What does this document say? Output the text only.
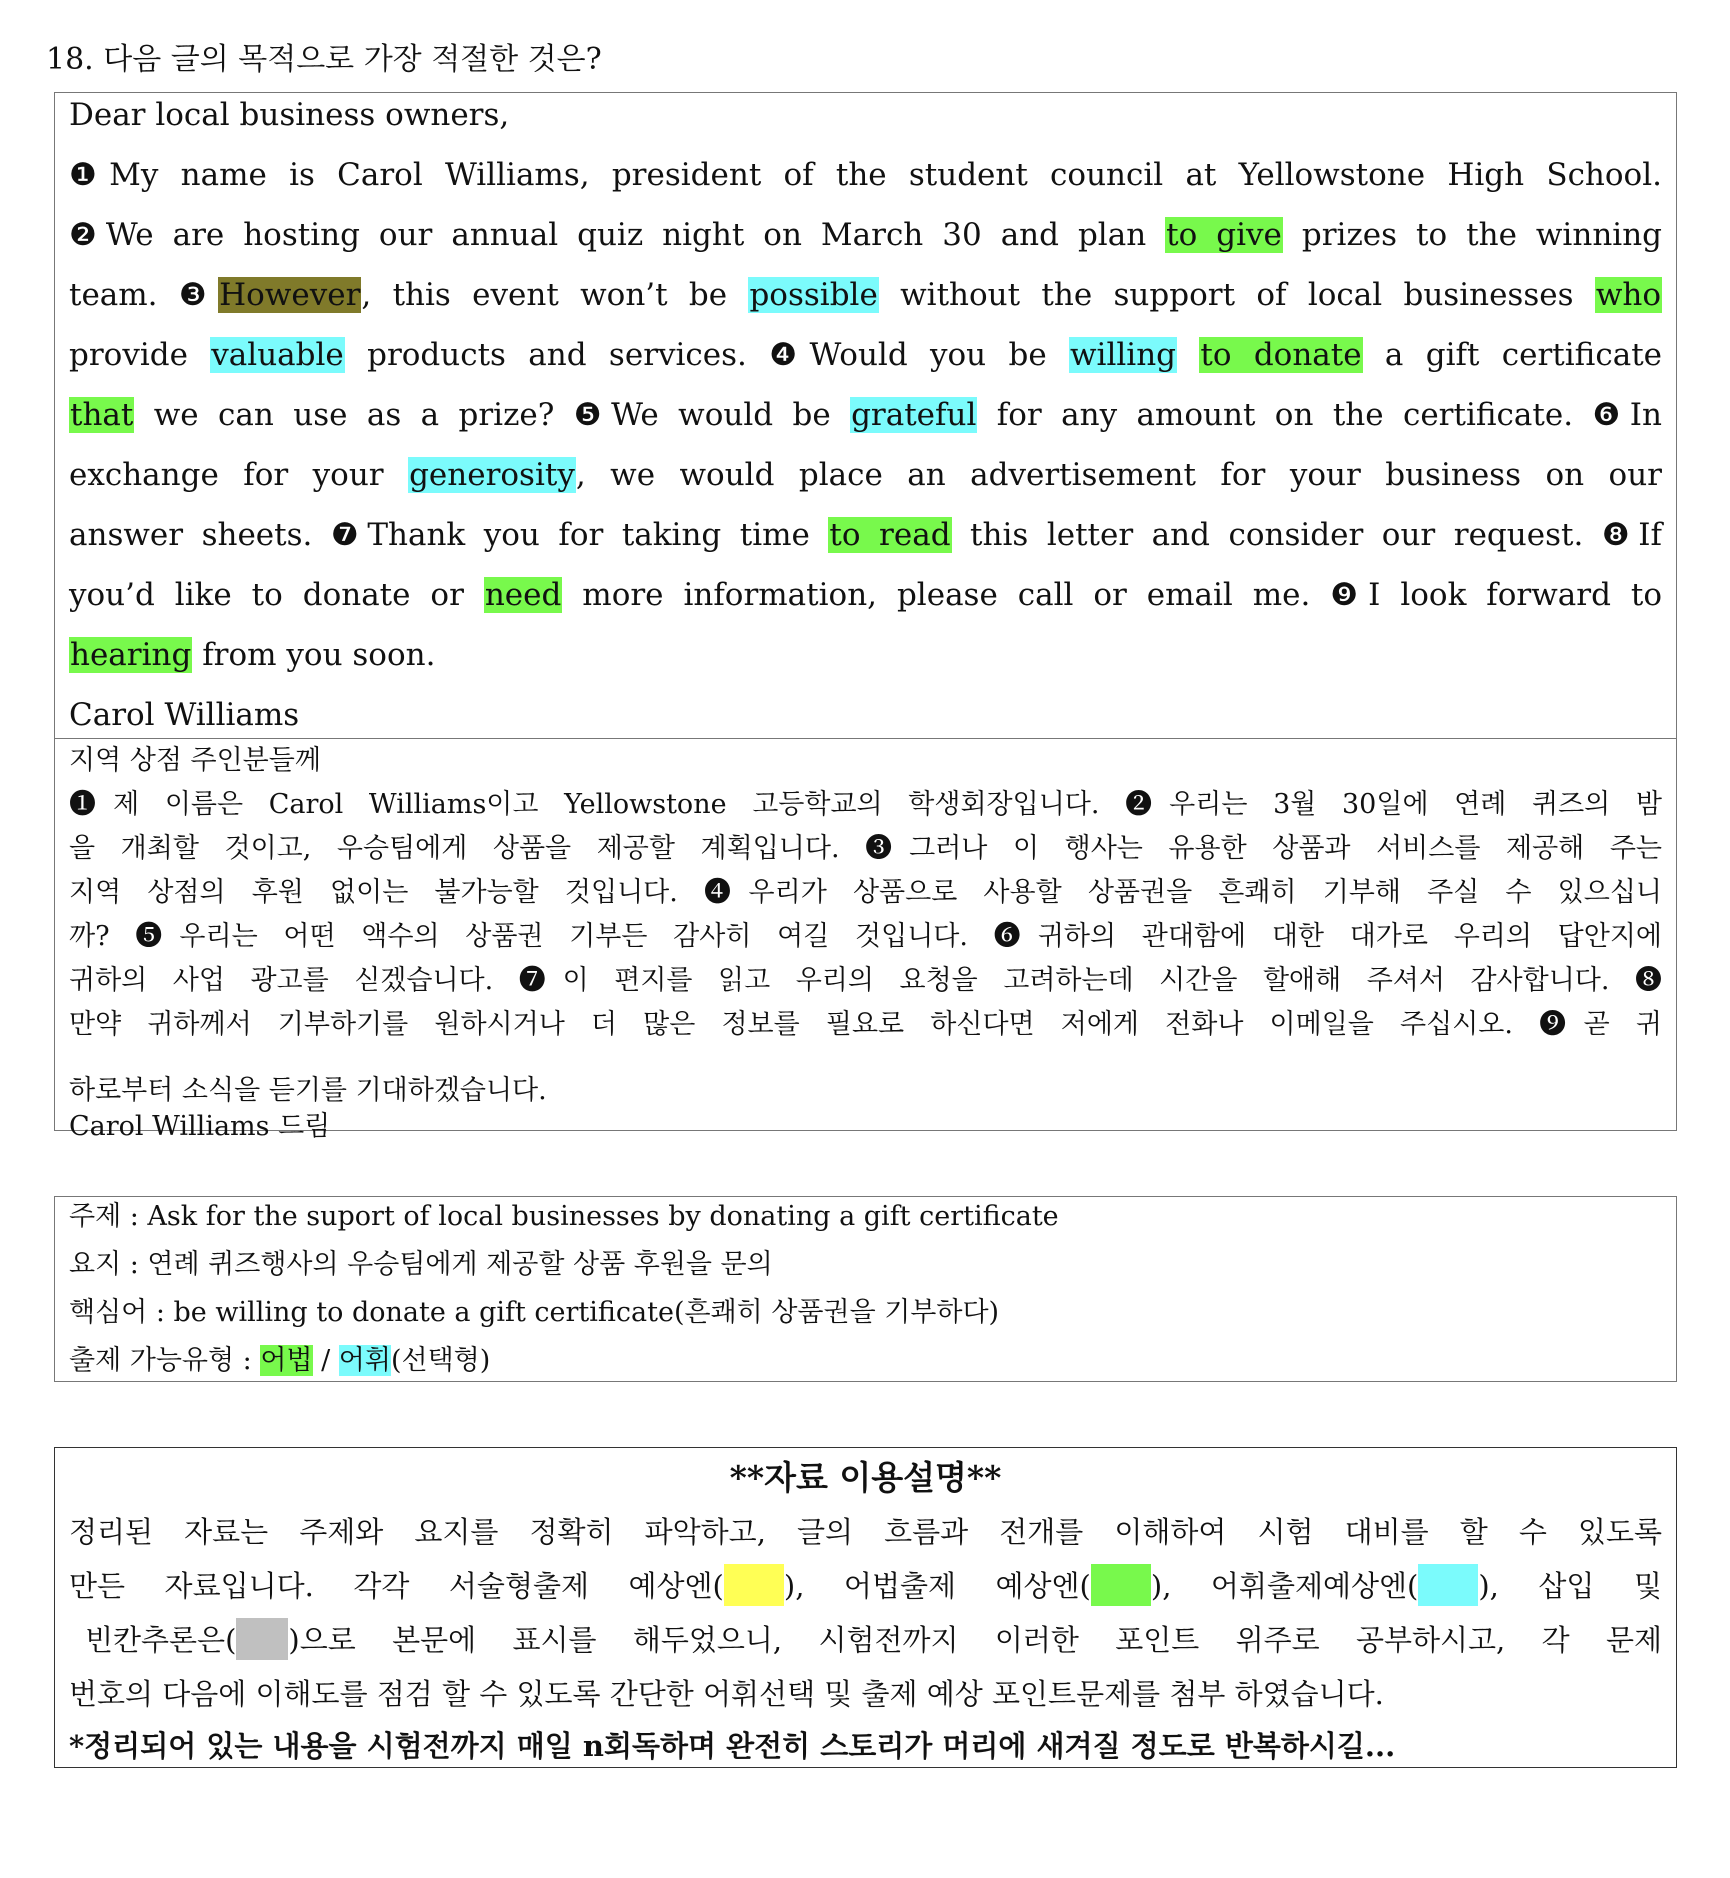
18. 다음 글의 목적으로 가장 적절한 것은?
Dear local business owners,
❶My name is Carol Williams, president of the student council at Yellowstone High School.
❷We are hosting our annual quiz night on March 30 and plan to give prizes to the winning
team. ❸However, this event won’t be possible without the support of local businesses who
provide valuable products and services. ❹Would you be willing to donate a gift certificate
that we can use as a prize? ❺We would be grateful for any amount on the certificate. ❻In
exchange for your generosity, we would place an advertisement for your business on our
answer sheets. ❼Thank you for taking time to read this letter and consider our request. ❽If
you’d like to donate or need more information, please call or email me. ❾I look forward to
hearing from you soon.
Carol Williams
지역 상점 주인분들께
❶제 이름은 Carol Williams이고 Yellowstone 고등학교의 학생회장입니다. ❷우리는 3월 30일에 연례 퀴즈의 밤
을 개최할 것이고, 우승팀에게 상품을 제공할 계획입니다. ❸그러나 이 행사는 유용한 상품과 서비스를 제공해 주는
지역 상점의 후원 없이는 불가능할 것입니다. ❹우리가 상품으로 사용할 상품권을 흔쾌히 기부해 주실 수 있으십니
까? ❺우리는 어떤 액수의 상품권 기부든 감사히 여길 것입니다. ❻귀하의 관대함에 대한 대가로 우리의 답안지에
귀하의 사업 광고를 싣겠습니다. ❼이 편지를 읽고 우리의 요청을 고려하는데 시간을 할애해 주셔서 감사합니다. ❽
만약 귀하께서 기부하기를 원하시거나 더 많은 정보를 필요로 하신다면 저에게 전화나 이메일을 주십시오. ❾곧 귀
하로부터 소식을 듣기를 기대하겠습니다.
Carol Williams 드림
주제 : Ask for the suport of local businesses by donating a gift certificate
요지 : 연례 퀴즈행사의 우승팀에게 제공할 상품 후원을 문의
핵심어 : be willing to donate a gift certificate(흔쾌히 상품권을 기부하다)
출제 가능유형 : 어법 / 어휘(선택형)
**자료 이용설명**
정리된 자료는 주제와 요지를 정확히 파악하고, 글의 흐름과 전개를 이해하여 시험 대비를 할 수 있도록
만든 자료입니다. 각각 서술형출제 예상엔( ), 어법출제 예상엔( ), 어휘출제예상엔( ), 삽입 및
빈칸추론은( )으로 본문에 표시를 해두었으니, 시험전까지 이러한 포인트 위주로 공부하시고, 각 문제
번호의 다음에 이해도를 점검 할 수 있도록 간단한 어휘선택 및 출제 예상 포인트문제를 첨부 하였습니다.
*정리되어 있는 내용을 시험전까지 매일 n회독하며 완전히 스토리가 머리에 새겨질 정도로 반복하시길...
